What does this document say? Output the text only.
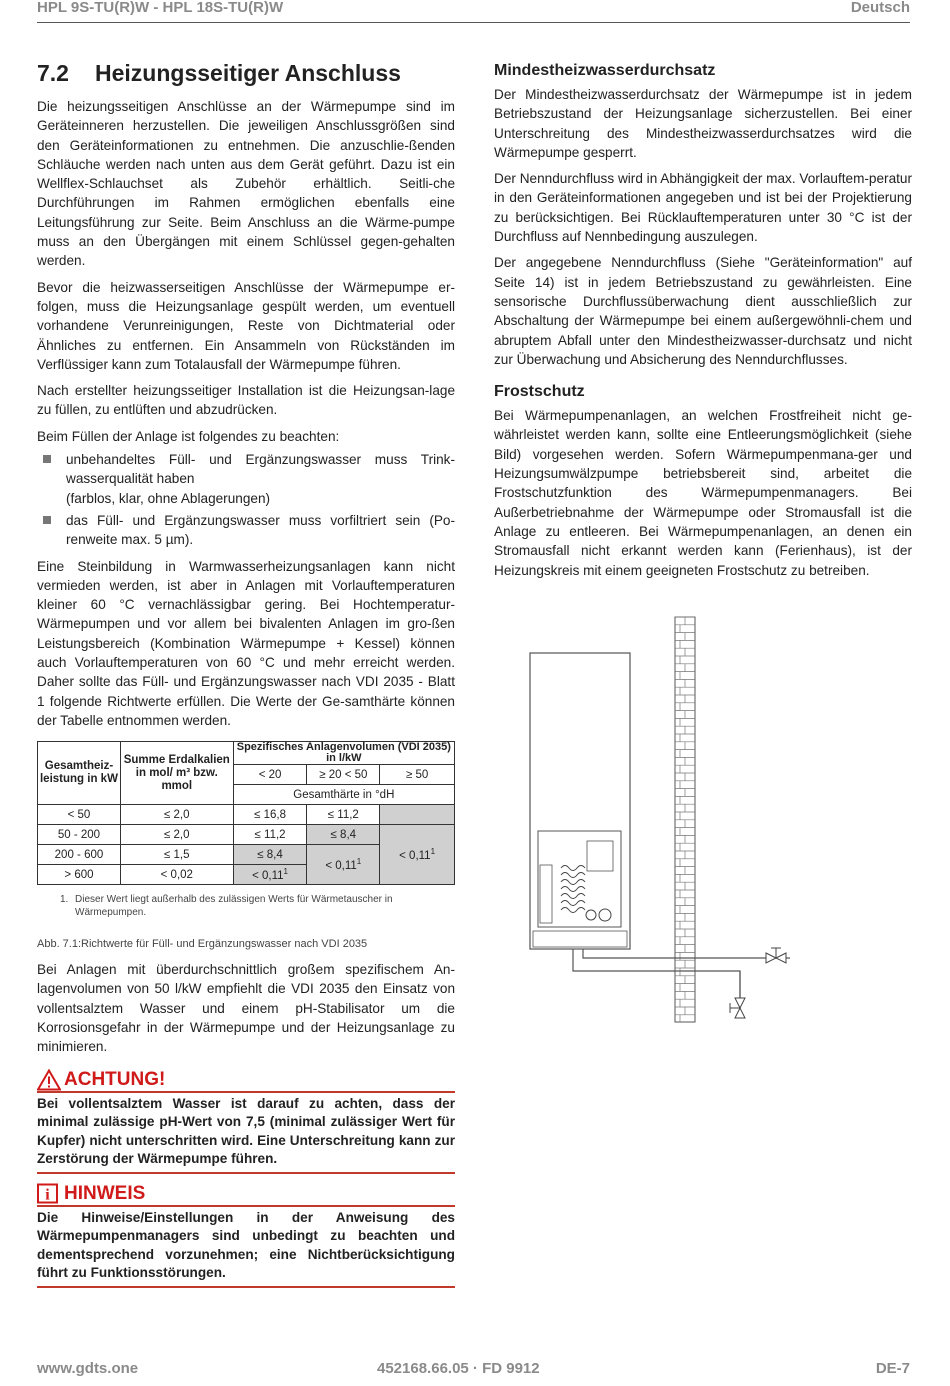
HPL 9S-TU(R)W - HPL 18S-TU(R)W	Deutsch
7.2 Heizungsseitiger Anschluss

Die heizungsseitigen Anschlüsse an der Wärmepumpe sind im Geräteinneren herzustellen. Die jeweiligen Anschlussgrößen sind den Geräteinformationen zu entnehmen. Die anzuschlie-ßenden Schläuche werden nach unten aus dem Gerät geführt. Dazu ist ein Wellflex-Schlauchset als Zubehör erhältlich. Seitli-che Durchführungen im Rahmen ermöglichen ebenfalls eine Leitungsführung zur Seite. Beim Anschluss an die Wärme-pumpe muss an den Übergängen mit einem Schlüssel gegen-gehalten werden.

Bevor die heizwasserseitigen Anschlüsse der Wärmepumpe er-folgen, muss die Heizungsanlage gespült werden, um eventuell vorhandene Verunreinigungen, Reste von Dichtmaterial oder Ähnliches zu entfernen. Ein Ansammeln von Rückständen im Verflüssiger kann zum Totalausfall der Wärmepumpe führen.

Nach erstellter heizungsseitiger Installation ist die Heizungsan-lage zu füllen, zu entlüften und abzudrücken.

Beim Füllen der Anlage ist folgendes zu beachten:

unbehandeltes Füll- und Ergänzungswasser muss Trink-wasserqualität haben
(farblos, klar, ohne Ablagerungen)
das Füll- und Ergänzungswasser muss vorfiltriert sein (Po-renweite max. 5 µm).

Eine Steinbildung in Warmwasserheizungsanlagen kann nicht vermieden werden, ist aber in Anlagen mit Vorlauftemperaturen kleiner 60 °C vernachlässigbar gering. Bei Hochtemperatur-Wärmepumpen und vor allem bei bivalenten Anlagen im gro-ßen Leistungsbereich (Kombination Wärmepumpe + Kessel) können auch Vorlauftemperaturen von 60 °C und mehr erreicht werden. Daher sollte das Füll- und Ergänzungswasser nach VDI 2035 - Blatt 1 folgende Richtwerte erfüllen. Die Werte der Ge-samthärte können der Tabelle entnommen werden.

Gesamtheiz-leistung in kW	Summe Erdalkalien in mol/ m³ bzw. mmol	Spezifisches Anlagenvolumen (VDI 2035) in l/kW		
		< 20	≥ 20 < 50	≥ 50
		Gesamthärte in °dH		
< 50	≤ 2,0	≤ 16,8	≤ 11,2	
50 - 200	≤ 2,0	≤ 11,2	≤ 8,4	< $0,11^1$
200 - 600	≤ 1,5	≤ 8,4	< $0,11^1$
> 600	< 0,02	< $0,11^1$
1. Dieser Wert liegt außerhalb des zulässigen Werts für Wärmetauscher in Wärmepumpen.
Abb. 7.1:Richtwerte für Füll- und Ergänzungswasser nach VDI 2035

Bei Anlagen mit überdurchschnittlich großem spezifischem An-lagenvolumen von 50 l/kW empfiehlt die VDI 2035 den Einsatz von vollentsalztem Wasser und einem pH-Stabilisator um die Korrosionsgefahr in der Wärmepumpe und der Heizungsanlage zu minimieren.

ACHTUNG!
Bei vollentsalztem Wasser ist darauf zu achten, dass der minimal zulässige pH-Wert von 7,5 (minimal zulässiger Wert für Kupfer) nicht unterschritten wird. Eine Unterschreitung kann zur Zerstörung der Wärmepumpe führen.
i HINWEIS
Die Hinweise/Einstellungen in der Anweisung des Wärmepumpenmanagers sind unbedingt zu beachten und dementsprechend vorzunehmen; eine Nichtberücksichtigung führt zu Funktionsstörungen.
Mindestheizwasserdurchsatz

Der Mindestheizwasserdurchsatz der Wärmepumpe ist in jedem Betriebszustand der Heizungsanlage sicherzustellen. Bei einer Unterschreitung des Mindestheizwasserdurchsatzes wird die Wärmepumpe gesperrt.

Der Nenndurchfluss wird in Abhängigkeit der max. Vorlauftem-peratur in den Geräteinformationen angegeben und ist bei der Projektierung zu berücksichtigen. Bei Rücklauftemperaturen unter 30 °C ist der Durchfluss auf Nennbedingung auszulegen.

Der angegebene Nenndurchfluss (Siehe "Geräteinformation" auf Seite 14) ist in jedem Betriebszustand zu gewährleisten. Eine sensorische Durchflussüberwachung dient ausschließlich zur Abschaltung der Wärmepumpe bei einem außergewöhnli-chem und abruptem Abfall unter den Mindestheizwasser-durchsatz und nicht zur Überwachung und Absicherung des Nenndurchflusses.

Frostschutz

Bei Wärmepumpenanlagen, an welchen Frostfreiheit nicht ge-währleistet werden kann, sollte eine Entleerungsmöglichkeit (siehe Bild) vorgesehen werden. Sofern Wärmepumpenmana-ger und Heizungsumwälzpumpe betriebsbereit sind, arbeitet die Frostschutzfunktion des Wärmepumpenmanagers. Bei Außerbetriebnahme der Wärmepumpe oder Stromausfall ist die Anlage zu entleeren. Bei Wärmepumpenanlagen, an denen ein Stromausfall nicht erkannt werden kann (Ferienhaus), ist der Heizungskreis mit einem geeigneten Frostschutz zu betreiben.

www.gdts.one	452168.66.05 · FD 9912	DE-7
